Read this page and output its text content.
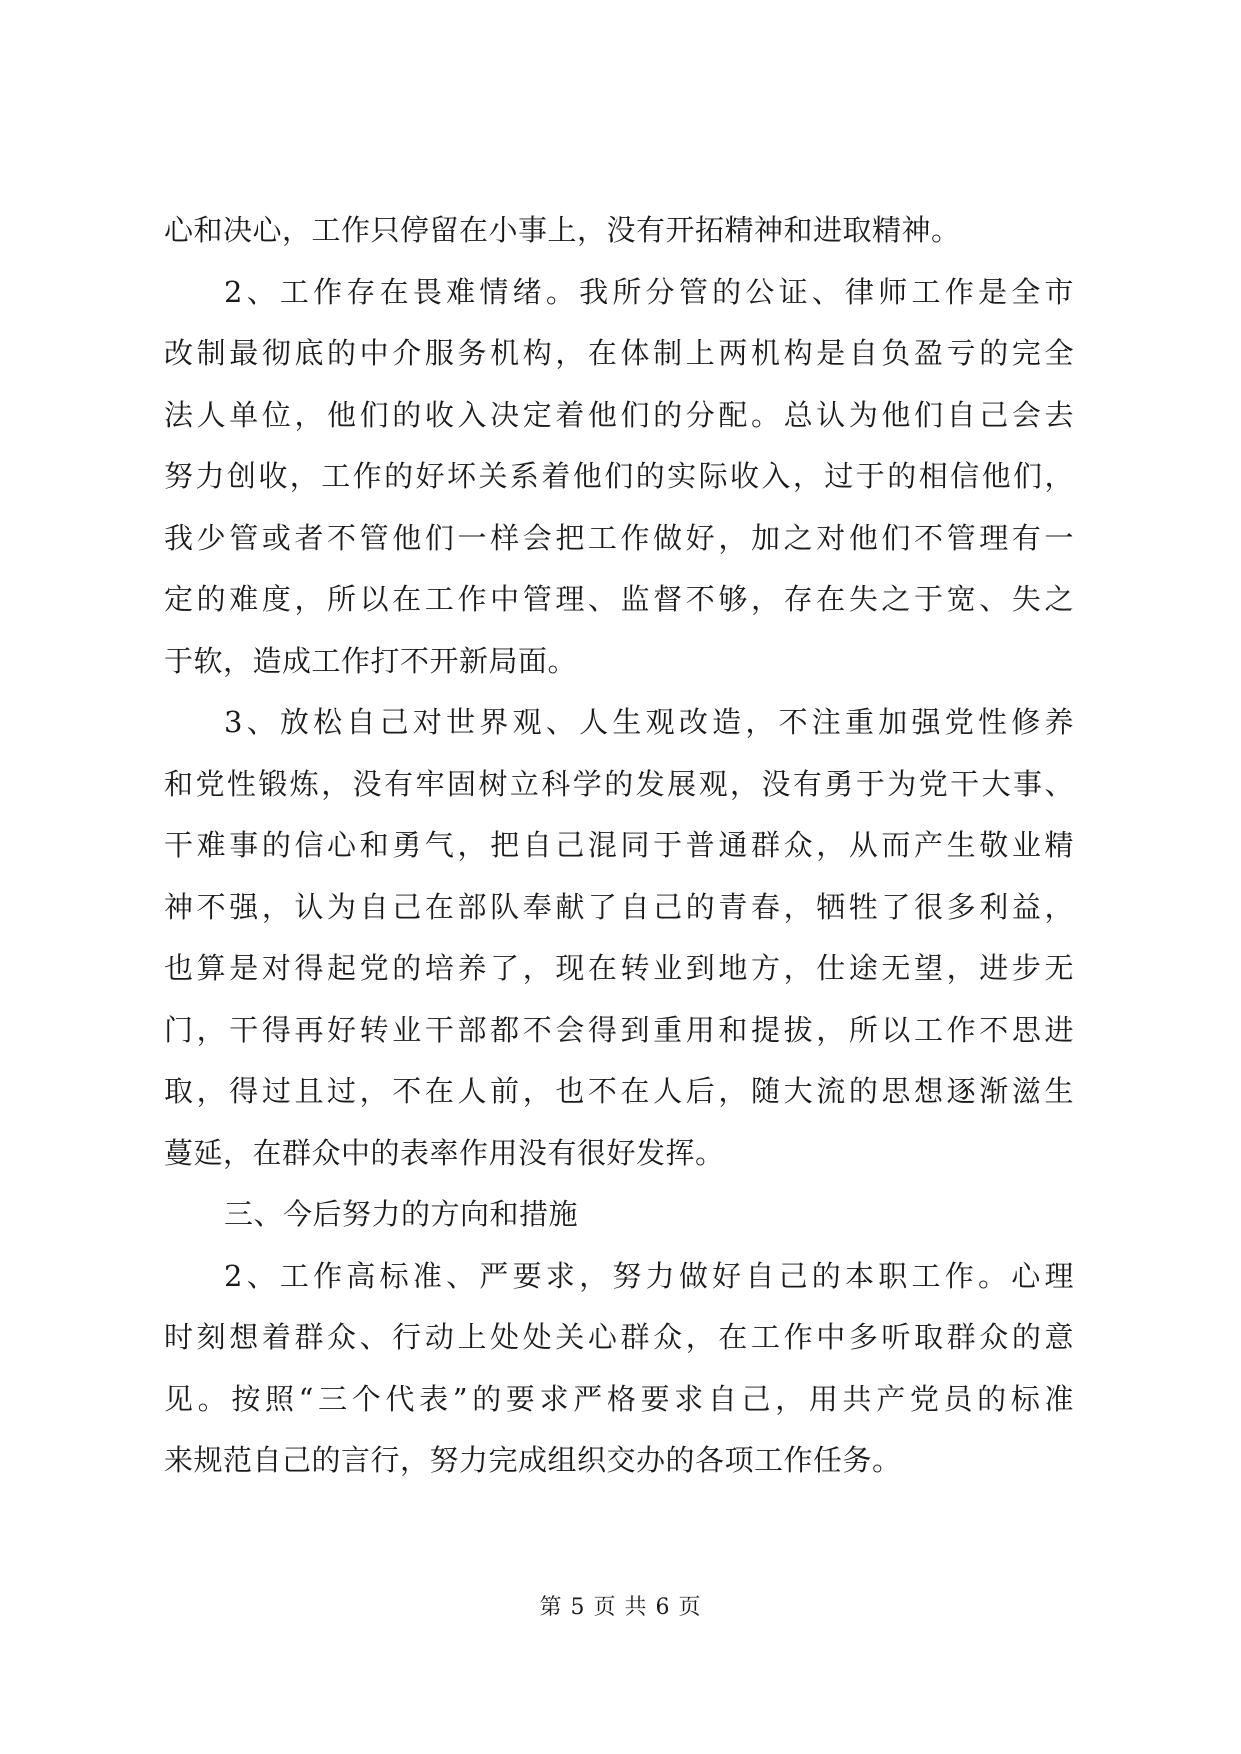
心和决心，工作只停留在小事上，没有开拓精神和进取精神。
2、工作存在畏难情绪。我所分管的公证、律师工作是全市
改制最彻底的中介服务机构，在体制上两机构是自负盈亏的完全
法人单位，他们的收入决定着他们的分配。总认为他们自己会去
努力创收，工作的好坏关系着他们的实际收入，过于的相信他们，
我少管或者不管他们一样会把工作做好，加之对他们不管理有一
定的难度，所以在工作中管理、监督不够，存在失之于宽、失之
于软，造成工作打不开新局面。
3、放松自己对世界观、人生观改造，不注重加强党性修养
和党性锻炼，没有牢固树立科学的发展观，没有勇于为党干大事、
干难事的信心和勇气，把自己混同于普通群众，从而产生敬业精
神不强，认为自己在部队奉献了自己的青春，牺牲了很多利益，
也算是对得起党的培养了，现在转业到地方，仕途无望，进步无
门，干得再好转业干部都不会得到重用和提拔，所以工作不思进
取，得过且过，不在人前，也不在人后，随大流的思想逐渐滋生
蔓延，在群众中的表率作用没有很好发挥。
三、今后努力的方向和措施
2、工作高标准、严要求，努力做好自己的本职工作。心理
时刻想着群众、行动上处处关心群众，在工作中多听取群众的意
见。按照“三个代表”的要求严格要求自己，用共产党员的标准
来规范自己的言行，努力完成组织交办的各项工作任务。
第 5 页 共 6 页
